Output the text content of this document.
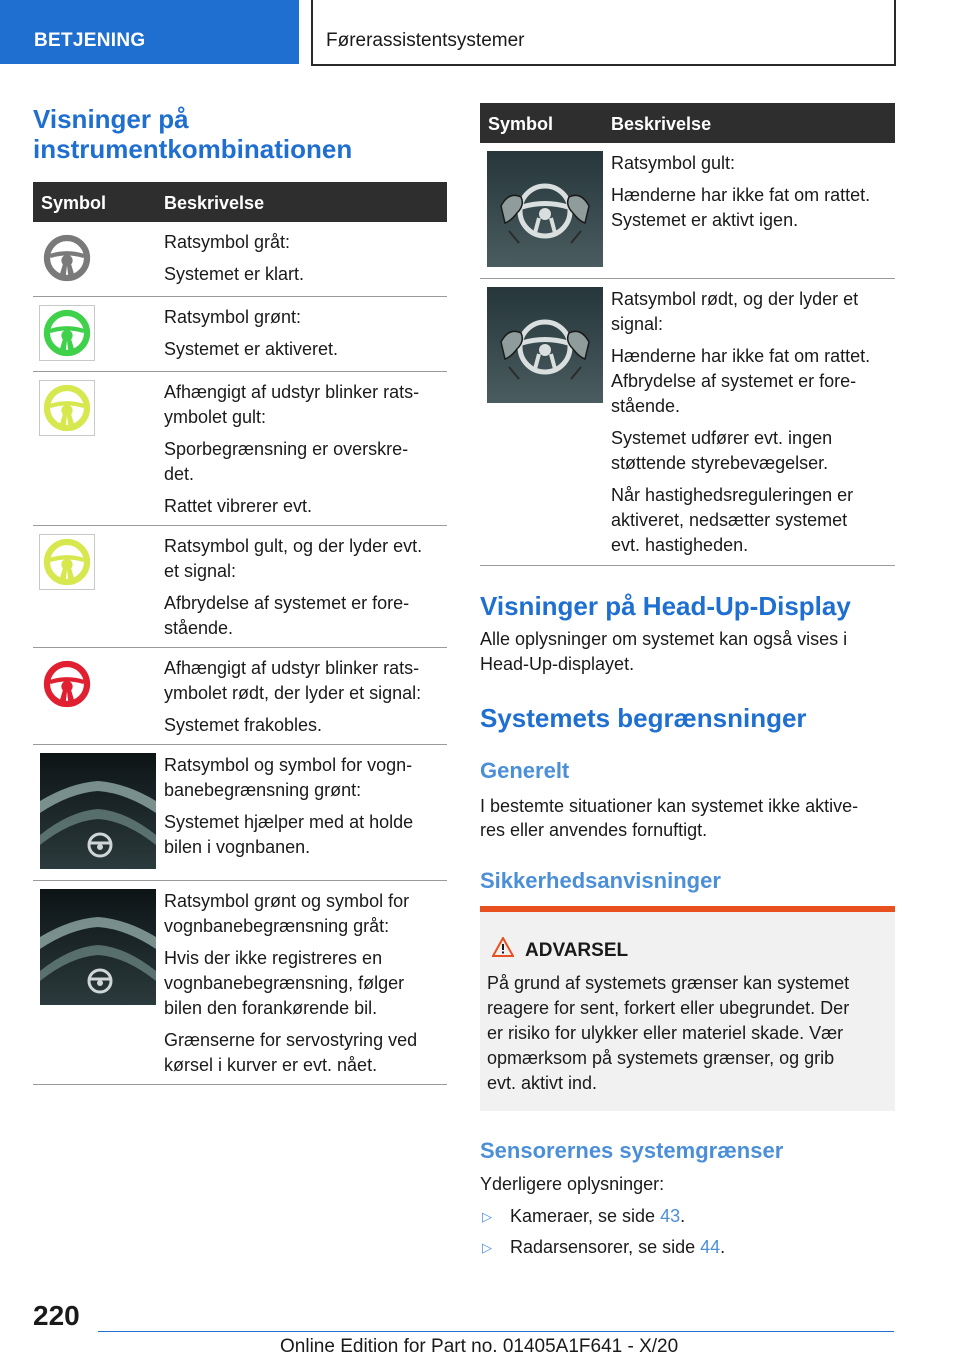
BETJENING	Førerassistentsystemer
Visninger på
instrumentkombinationen
Symbol	Beskrivelse

Ratsymbol gråt:

Systemet er klart.

Ratsymbol grønt:

Systemet er aktiveret.

Afhængigt af udstyr blinker rats-
ymbolet gult:

Sporbegrænsning er overskre-
det.

Rattet vibrerer evt.

Ratsymbol gult, og der lyder evt.
et signal:

Afbrydelse af systemet er fore-
stående.

Afhængigt af udstyr blinker rats-
ymbolet rødt, der lyder et signal:

Systemet frakobles.

Ratsymbol og symbol for vogn-
banebegrænsning grønt:

Systemet hjælper med at holde
bilen i vognbanen.

Ratsymbol grønt og symbol for
vognbanebegrænsning gråt:

Hvis der ikke registreres en
vognbanebegrænsning, følger
bilen den forankørende bil.

Grænserne for servostyring ved
kørsel i kurver er evt. nået.

Symbol	Beskrivelse

Ratsymbol gult:

Hænderne har ikke fat om rattet.
Systemet er aktivt igen.

Ratsymbol rødt, og der lyder et
signal:

Hænderne har ikke fat om rattet.
Afbrydelse af systemet er fore-
stående.

Systemet udfører evt. ingen
støttende styrebevægelser.

Når hastighedsreguleringen er
aktiveret, nedsætter systemet
evt. hastigheden.

Visninger på Head-Up-Display

Alle oplysninger om systemet kan også vises i

Head-Up-displayet.

Systemets begrænsninger
Generelt

I bestemte situationer kan systemet ikke aktive-

res eller anvendes fornuftigt.

Sikkerhedsanvisninger
ADVARSEL
På grund af systemets grænser kan systemet
reagere for sent, forkert eller ubegrundet. Der
er risiko for ulykker eller materiel skade. Vær
opmærksom på systemets grænser, og grib
evt. aktivt ind.

Sensorernes systemgrænser

Yderligere oplysninger:

▷ Kameraer, se side 43.
▷ Radarsensorer, se side 44.
220
Online Edition for Part no. 01405A1F641 - X/20
